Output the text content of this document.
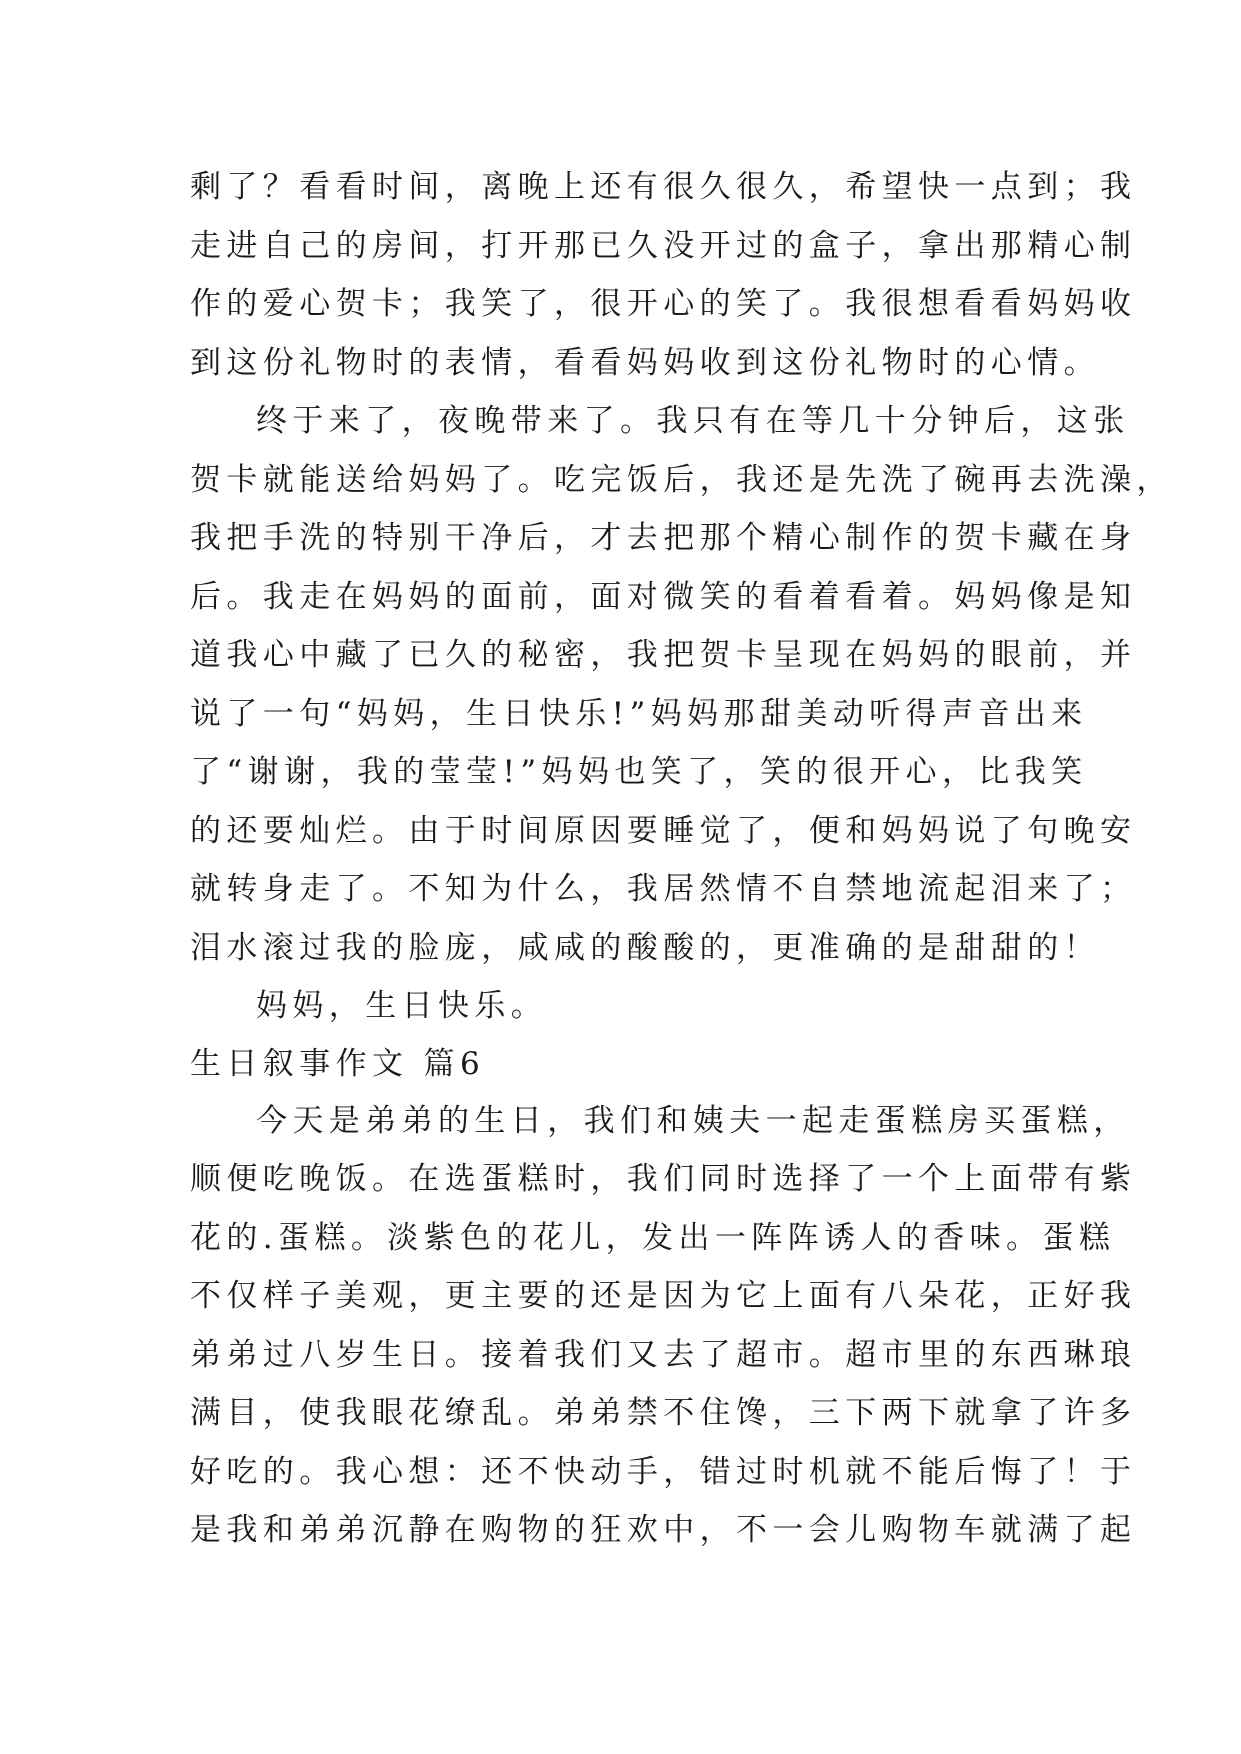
剩了？看看时间，离晚上还有很久很久，希望快一点到；我
走进自己的房间，打开那已久没开过的盒子，拿出那精心制
作的爱心贺卡；我笑了，很开心的笑了。我很想看看妈妈收
到这份礼物时的表情，看看妈妈收到这份礼物时的心情。
终于来了，夜晚带来了。我只有在等几十分钟后，这张
贺卡就能送给妈妈了。吃完饭后，我还是先洗了碗再去洗澡，
我把手洗的特别干净后，才去把那个精心制作的贺卡藏在身
后。我走在妈妈的面前，面对微笑的看着看着。妈妈像是知
道我心中藏了已久的秘密，我把贺卡呈现在妈妈的眼前，并
说了一句“妈妈，生日快乐!”妈妈那甜美动听得声音出来
了“谢谢，我的莹莹!”妈妈也笑了，笑的很开心，比我笑
的还要灿烂。由于时间原因要睡觉了，便和妈妈说了句晚安
就转身走了。不知为什么，我居然情不自禁地流起泪来了；
泪水滚过我的脸庞，咸咸的酸酸的，更准确的是甜甜的！
妈妈，生日快乐。
生日叙事作文 篇6
今天是弟弟的生日，我们和姨夫一起走蛋糕房买蛋糕，
顺便吃晚饭。在选蛋糕时，我们同时选择了一个上面带有紫
花的.蛋糕。淡紫色的花儿，发出一阵阵诱人的香味。蛋糕
不仅样子美观，更主要的还是因为它上面有八朵花，正好我
弟弟过八岁生日。接着我们又去了超市。超市里的东西琳琅
满目，使我眼花缭乱。弟弟禁不住馋，三下两下就拿了许多
好吃的。我心想：还不快动手，错过时机就不能后悔了！于
是我和弟弟沉静在购物的狂欢中，不一会儿购物车就满了起
